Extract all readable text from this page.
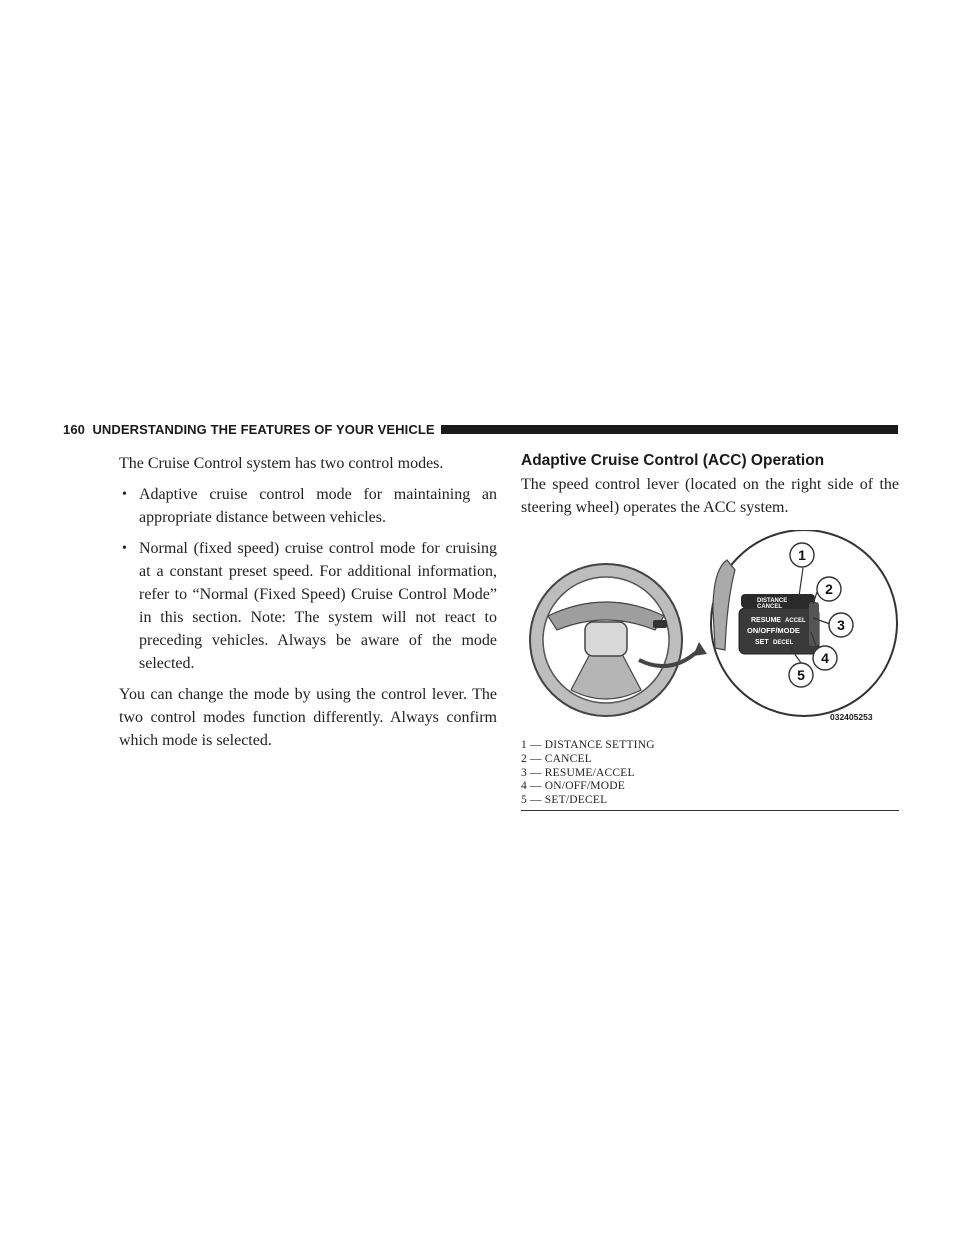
160 UNDERSTANDING THE FEATURES OF YOUR VEHICLE

The Cruise Control system has two control modes.

• Adaptive cruise control mode for maintaining an appropriate distance between vehicles.
• Normal (fixed speed) cruise control mode for cruising at a constant preset speed. For additional information, refer to “Normal (Fixed Speed) Cruise Control Mode” in this section. Note: The system will not react to preceding vehicles. Always be aware of the mode selected.

You can change the mode by using the control lever. The two control modes function differently. Always confirm which mode is selected.

Adaptive Cruise Control (ACC) Operation

The speed control lever (located on the right side of the steering wheel) operates the ACC system.

DISTANCE
CANCEL
RESUME ACCEL
ON/OFF/MODE
SET DECEL
1
2
3
4
5
032405253
1 — DISTANCE SETTING
2 — CANCEL
3 — RESUME/ACCEL
4 — ON/OFF/MODE
5 — SET/DECEL
